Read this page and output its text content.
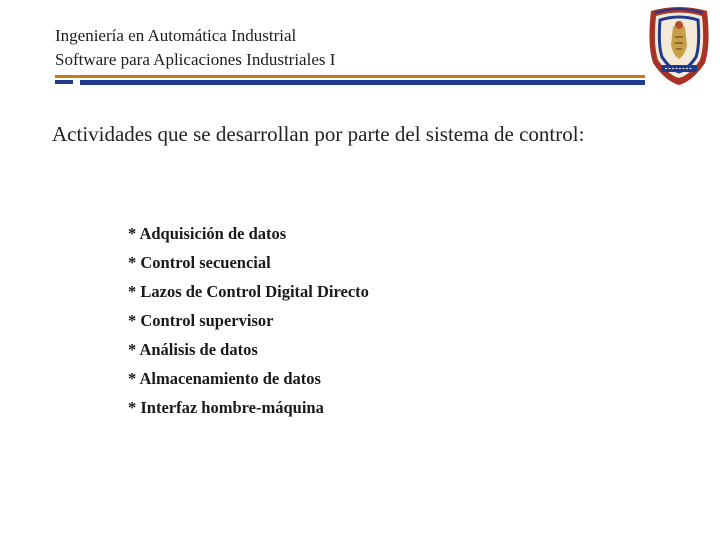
Ingeniería en Automática Industrial
Software para Aplicaciones Industriales I
Actividades que se desarrollan por parte del sistema de control:
* Adquisición de datos
* Control secuencial
* Lazos de Control Digital Directo
* Control supervisor
* Análisis de datos
* Almacenamiento de datos
* Interfaz hombre-máquina
